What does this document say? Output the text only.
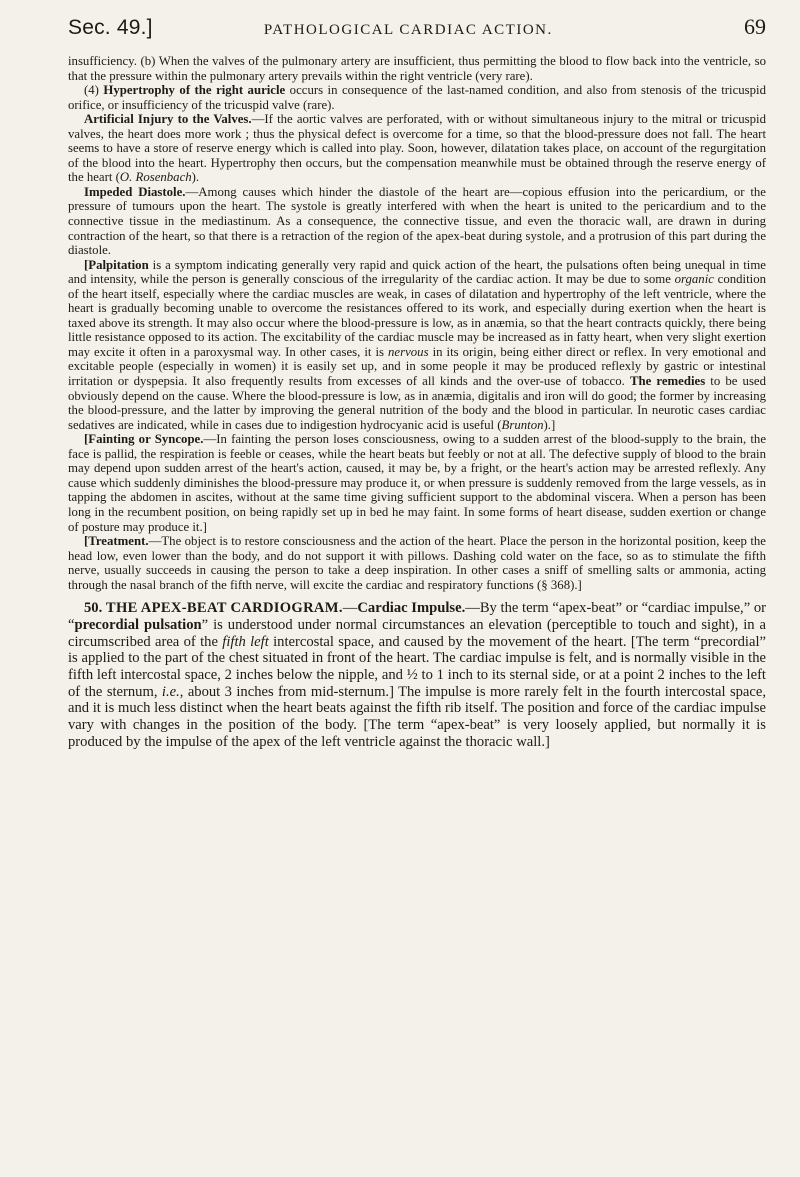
Sec. 49.]	PATHOLOGICAL CARDIAC ACTION.	69

insufficiency. (b) When the valves of the pulmonary artery are insufficient, thus permitting the blood to flow back into the ventricle, so that the pressure within the pulmonary artery prevails within the right ventricle (very rare).

(4) Hypertrophy of the right auricle occurs in consequence of the last-named condition, and also from stenosis of the tricuspid orifice, or insufficiency of the tricuspid valve (rare).

Artificial Injury to the Valves.—If the aortic valves are perforated, with or without simultaneous injury to the mitral or tricuspid valves, the heart does more work ; thus the physical defect is overcome for a time, so that the blood-pressure does not fall. The heart seems to have a store of reserve energy which is called into play. Soon, however, dilatation takes place, on account of the regurgitation of the blood into the heart. Hypertrophy then occurs, but the compensation meanwhile must be obtained through the reserve energy of the heart (O. Rosenbach).

Impeded Diastole.—Among causes which hinder the diastole of the heart are—copious effusion into the pericardium, or the pressure of tumours upon the heart. The systole is greatly interfered with when the heart is united to the pericardium and to the connective tissue in the mediastinum. As a consequence, the connective tissue, and even the thoracic wall, are drawn in during contraction of the heart, so that there is a retraction of the region of the apex-beat during systole, and a protrusion of this part during the diastole.

[Palpitation is a symptom indicating generally very rapid and quick action of the heart, the pulsations often being unequal in time and intensity, while the person is generally conscious of the irregularity of the cardiac action. It may be due to some organic condition of the heart itself, especially where the cardiac muscles are weak, in cases of dilatation and hypertrophy of the left ventricle, where the heart is gradually becoming unable to overcome the resistances offered to its work, and especially during exertion when the heart is taxed above its strength. It may also occur where the blood-pressure is low, as in anæmia, so that the heart contracts quickly, there being little resistance opposed to its action. The excitability of the cardiac muscle may be increased as in fatty heart, when very slight exertion may excite it often in a paroxysmal way. In other cases, it is nervous in its origin, being either direct or reflex. In very emotional and excitable people (especially in women) it is easily set up, and in some people it may be produced reflexly by gastric or intestinal irritation or dyspepsia. It also frequently results from excesses of all kinds and the over-use of tobacco. The remedies to be used obviously depend on the cause. Where the blood-pressure is low, as in anæmia, digitalis and iron will do good; the former by increasing the blood-pressure, and the latter by improving the general nutrition of the body and the blood in particular. In neurotic cases cardiac sedatives are indicated, while in cases due to indigestion hydrocyanic acid is useful (Brunton).]

[Fainting or Syncope.—In fainting the person loses consciousness, owing to a sudden arrest of the blood-supply to the brain, the face is pallid, the respiration is feeble or ceases, while the heart beats but feebly or not at all. The defective supply of blood to the brain may depend upon sudden arrest of the heart's action, caused, it may be, by a fright, or the heart's action may be arrested reflexly. Any cause which suddenly diminishes the blood-pressure may produce it, or when pressure is suddenly removed from the large vessels, as in tapping the abdomen in ascites, without at the same time giving sufficient support to the abdominal viscera. When a person has been long in the recumbent position, on being rapidly set up in bed he may faint. In some forms of heart disease, sudden exertion or change of posture may produce it.]

[Treatment.—The object is to restore consciousness and the action of the heart. Place the person in the horizontal position, keep the head low, even lower than the body, and do not support it with pillows. Dashing cold water on the face, so as to stimulate the fifth nerve, usually succeeds in causing the person to take a deep inspiration. In other cases a sniff of smelling salts or ammonia, acting through the nasal branch of the fifth nerve, will excite the cardiac and respiratory functions (§ 368).]

50. THE APEX-BEAT CARDIOGRAM.—Cardiac Impulse.—By the term “apex-beat” or “cardiac impulse,” or “precordial pulsation” is understood under normal circumstances an elevation (perceptible to touch and sight), in a circumscribed area of the fifth left intercostal space, and caused by the movement of the heart. [The term “precordial” is applied to the part of the chest situated in front of the heart. The cardiac impulse is felt, and is normally visible in the fifth left intercostal space, 2 inches below the nipple, and ½ to 1 inch to its sternal side, or at a point 2 inches to the left of the sternum, i.e., about 3 inches from mid-sternum.] The impulse is more rarely felt in the fourth intercostal space, and it is much less distinct when the heart beats against the fifth rib itself. The position and force of the cardiac impulse vary with changes in the position of the body. [The term “apex-beat” is very loosely applied, but normally it is produced by the impulse of the apex of the left ventricle against the thoracic wall.]
